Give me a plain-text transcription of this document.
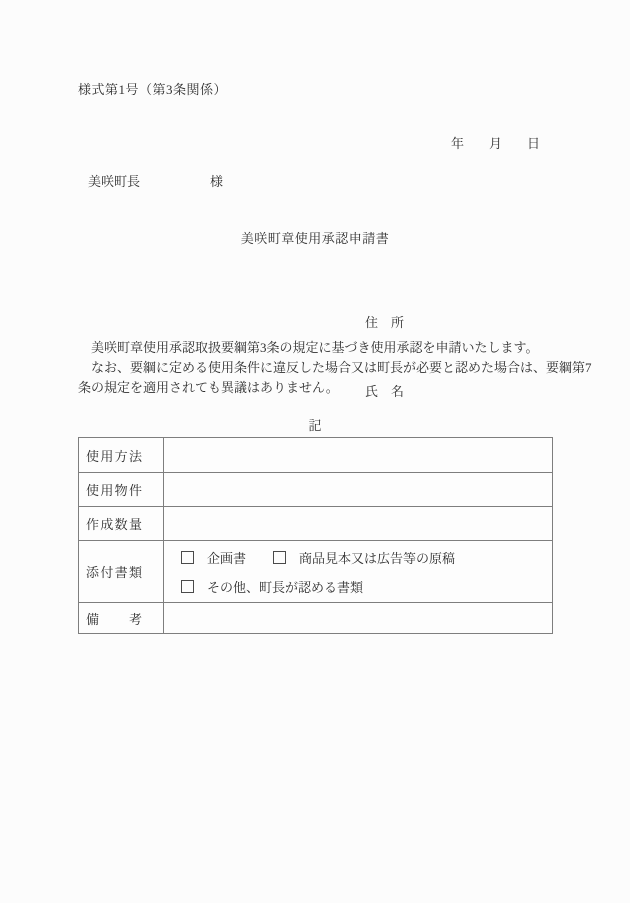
様式第1号（第3条関係）
年 月 日
美咲町長	様
美咲町章使用承認申請書

住　所

氏　名

　美咲町章使用承認取扱要綱第3条の規定に基づき使用承認を申請いたします。
　なお、要綱に定める使用条件に違反した場合又は町長が必要と認めた場合は、要綱第7
条の規定を適用されても異議はありません。
記
使用方法
使用物件
作成数量
添付書類
企画書	商品見本又は広告等の原稿
その他、町長が認める書類
備考
